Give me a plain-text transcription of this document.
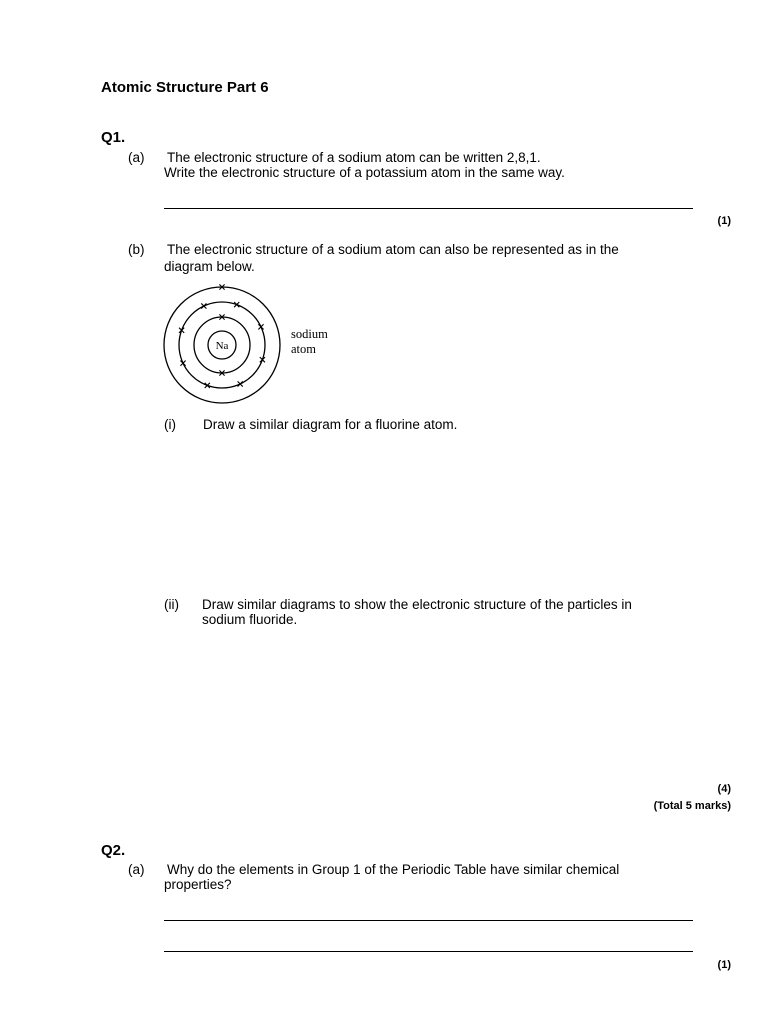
Atomic Structure Part 6
Q1.
(a) The electronic structure of a sodium atom can be written 2,8,1.
Write the electronic structure of a potassium atom in the same way.
(1)
(b) The electronic structure of a sodium atom can also be represented as in the
diagram below.
Na
sodium
atom
(i) Draw a similar diagram for a fluorine atom.
(ii) Draw similar diagrams to show the electronic structure of the particles in
sodium fluoride.
(4)
(Total 5 marks)
Q2.
(a) Why do the elements in Group 1 of the Periodic Table have similar chemical
properties?
(1)
